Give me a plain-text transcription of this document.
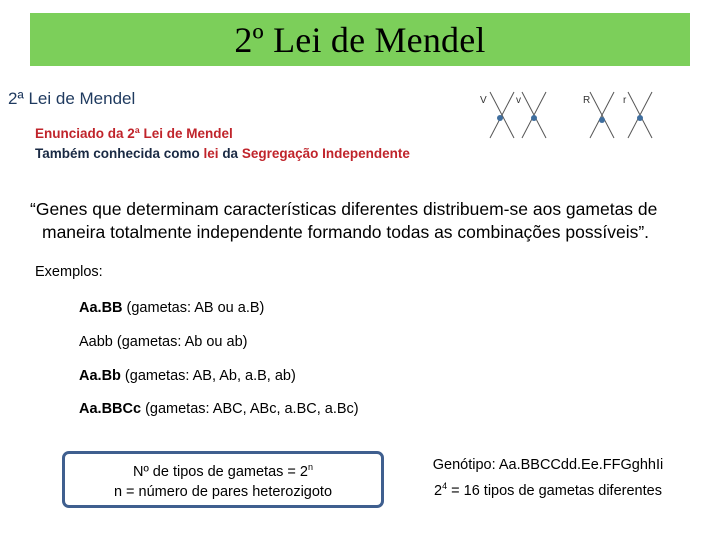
2º Lei de Mendel
2ª Lei de Mendel
Enunciado da 2ª Lei de Mendel
Também conhecida como lei da Segregação Independente
V	v	R	r
“Genes que determinam características diferentes distribuem-se aos gametas de
maneira totalmente independente formando todas as combinações possíveis”.
Exemplos:
Aa.BB (gametas: AB ou a.B)
Aabb (gametas: Ab ou ab)
Aa.Bb (gametas: AB, Ab, a.B, ab)
Aa.BBCc (gametas: ABC, ABc, a.BC, a.Bc)
Nº de tipos de gametas = $2^n$
n = número de pares heterozigoto
Genótipo: Aa.BBCCdd.Ee.FFGghhIi
$2^4 = 16$ tipos de gametas diferentes
